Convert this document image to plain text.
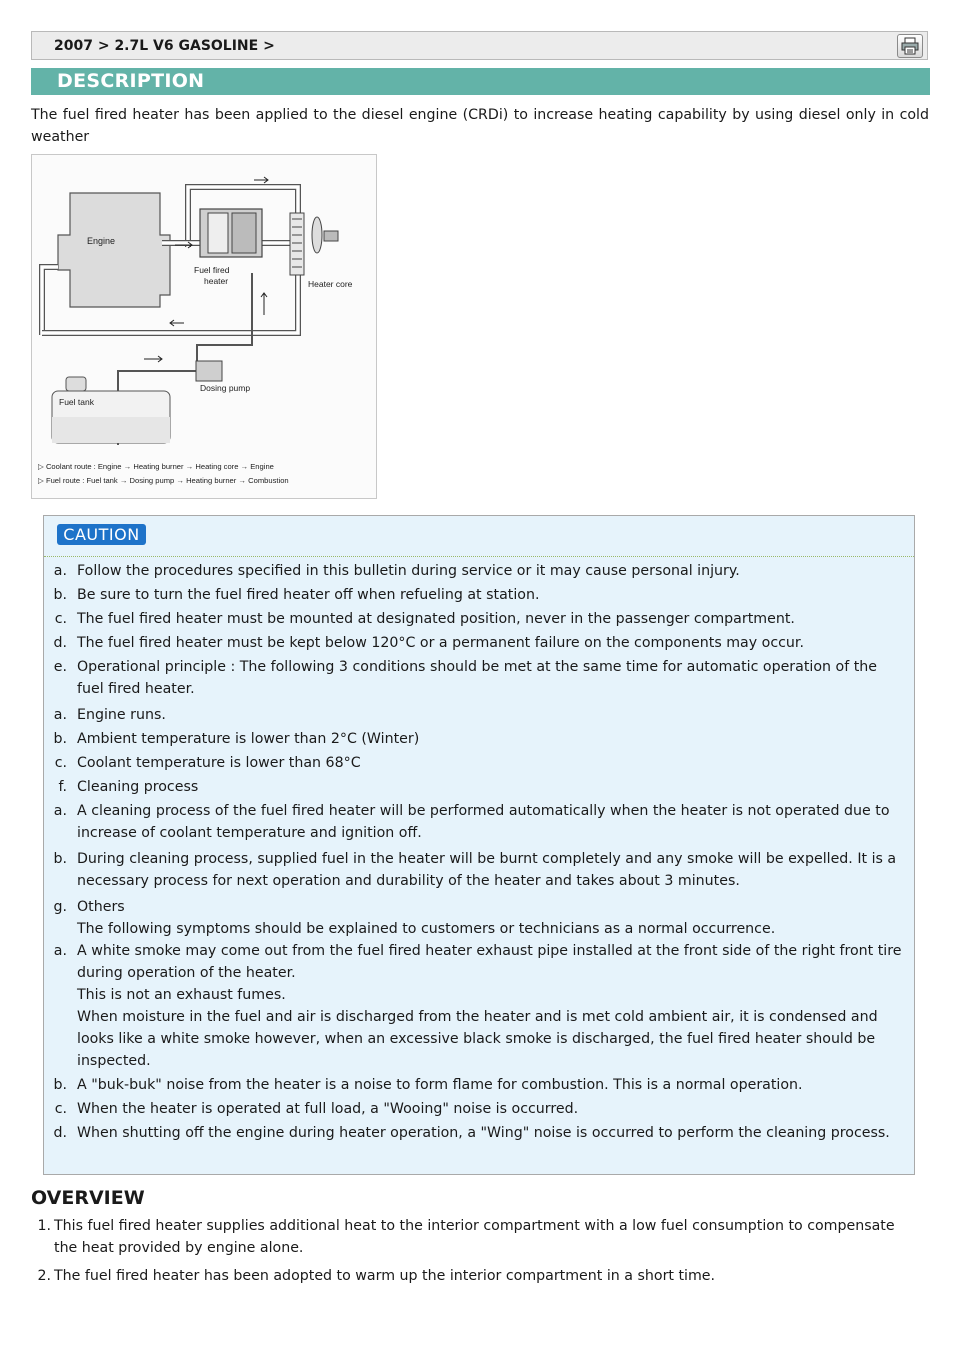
2007 > 2.7L V6 GASOLINE >
DESCRIPTION
The fuel fired heater has been applied to the diesel engine (CRDi) to increase heating capability by using diesel only in cold weather
Engine
Fuel fired
heater	Heater core
Dosing pump
Fuel tank
▷ Coolant route : Engine → Heating burner → Heating core → Engine
▷ Fuel route : Fuel tank → Dosing pump → Heating burner → Combustion
CAUTION
a. Follow the procedures specified in this bulletin during service or it may cause personal injury.
b. Be sure to turn the fuel fired heater off when refueling at station.
c. The fuel fired heater must be mounted at designated position, never in the passenger compartment.
d. The fuel fired heater must be kept below 120°C or a permanent failure on the components may occur.
e. Operational principle : The following 3 conditions should be met at the same time for automatic operation of the fuel fired heater.
a. Engine runs.
b. Ambient temperature is lower than 2°C (Winter)
c. Coolant temperature is lower than 68°C
f. Cleaning process
a. A cleaning process of the fuel fired heater will be performed automatically when the heater is not operated due to increase of coolant temperature and ignition off.
b. During cleaning process, supplied fuel in the heater will be burnt completely and any smoke will be expelled. It is a necessary process for next operation and durability of the heater and takes about 3 minutes.
g. Others
The following symptoms should be explained to customers or technicians as a normal occurrence.
a. A white smoke may come out from the fuel fired heater exhaust pipe installed at the front side of the right front tire during operation of the heater.
This is not an exhaust fumes.
When moisture in the fuel and air is discharged from the heater and is met cold ambient air, it is condensed and looks like a white smoke however, when an excessive black smoke is discharged, the fuel fired heater should be inspected.
b. A "buk-buk" noise from the heater is a noise to form flame for combustion. This is a normal operation.
c. When the heater is operated at full load, a "Wooing" noise is occurred.
d. When shutting off the engine during heater operation, a "Wing" noise is occurred to perform the cleaning process.
OVERVIEW
1. This fuel fired heater supplies additional heat to the interior compartment with a low fuel consumption to compensate the heat provided by engine alone.
2. The fuel fired heater has been adopted to warm up the interior compartment in a short time.
